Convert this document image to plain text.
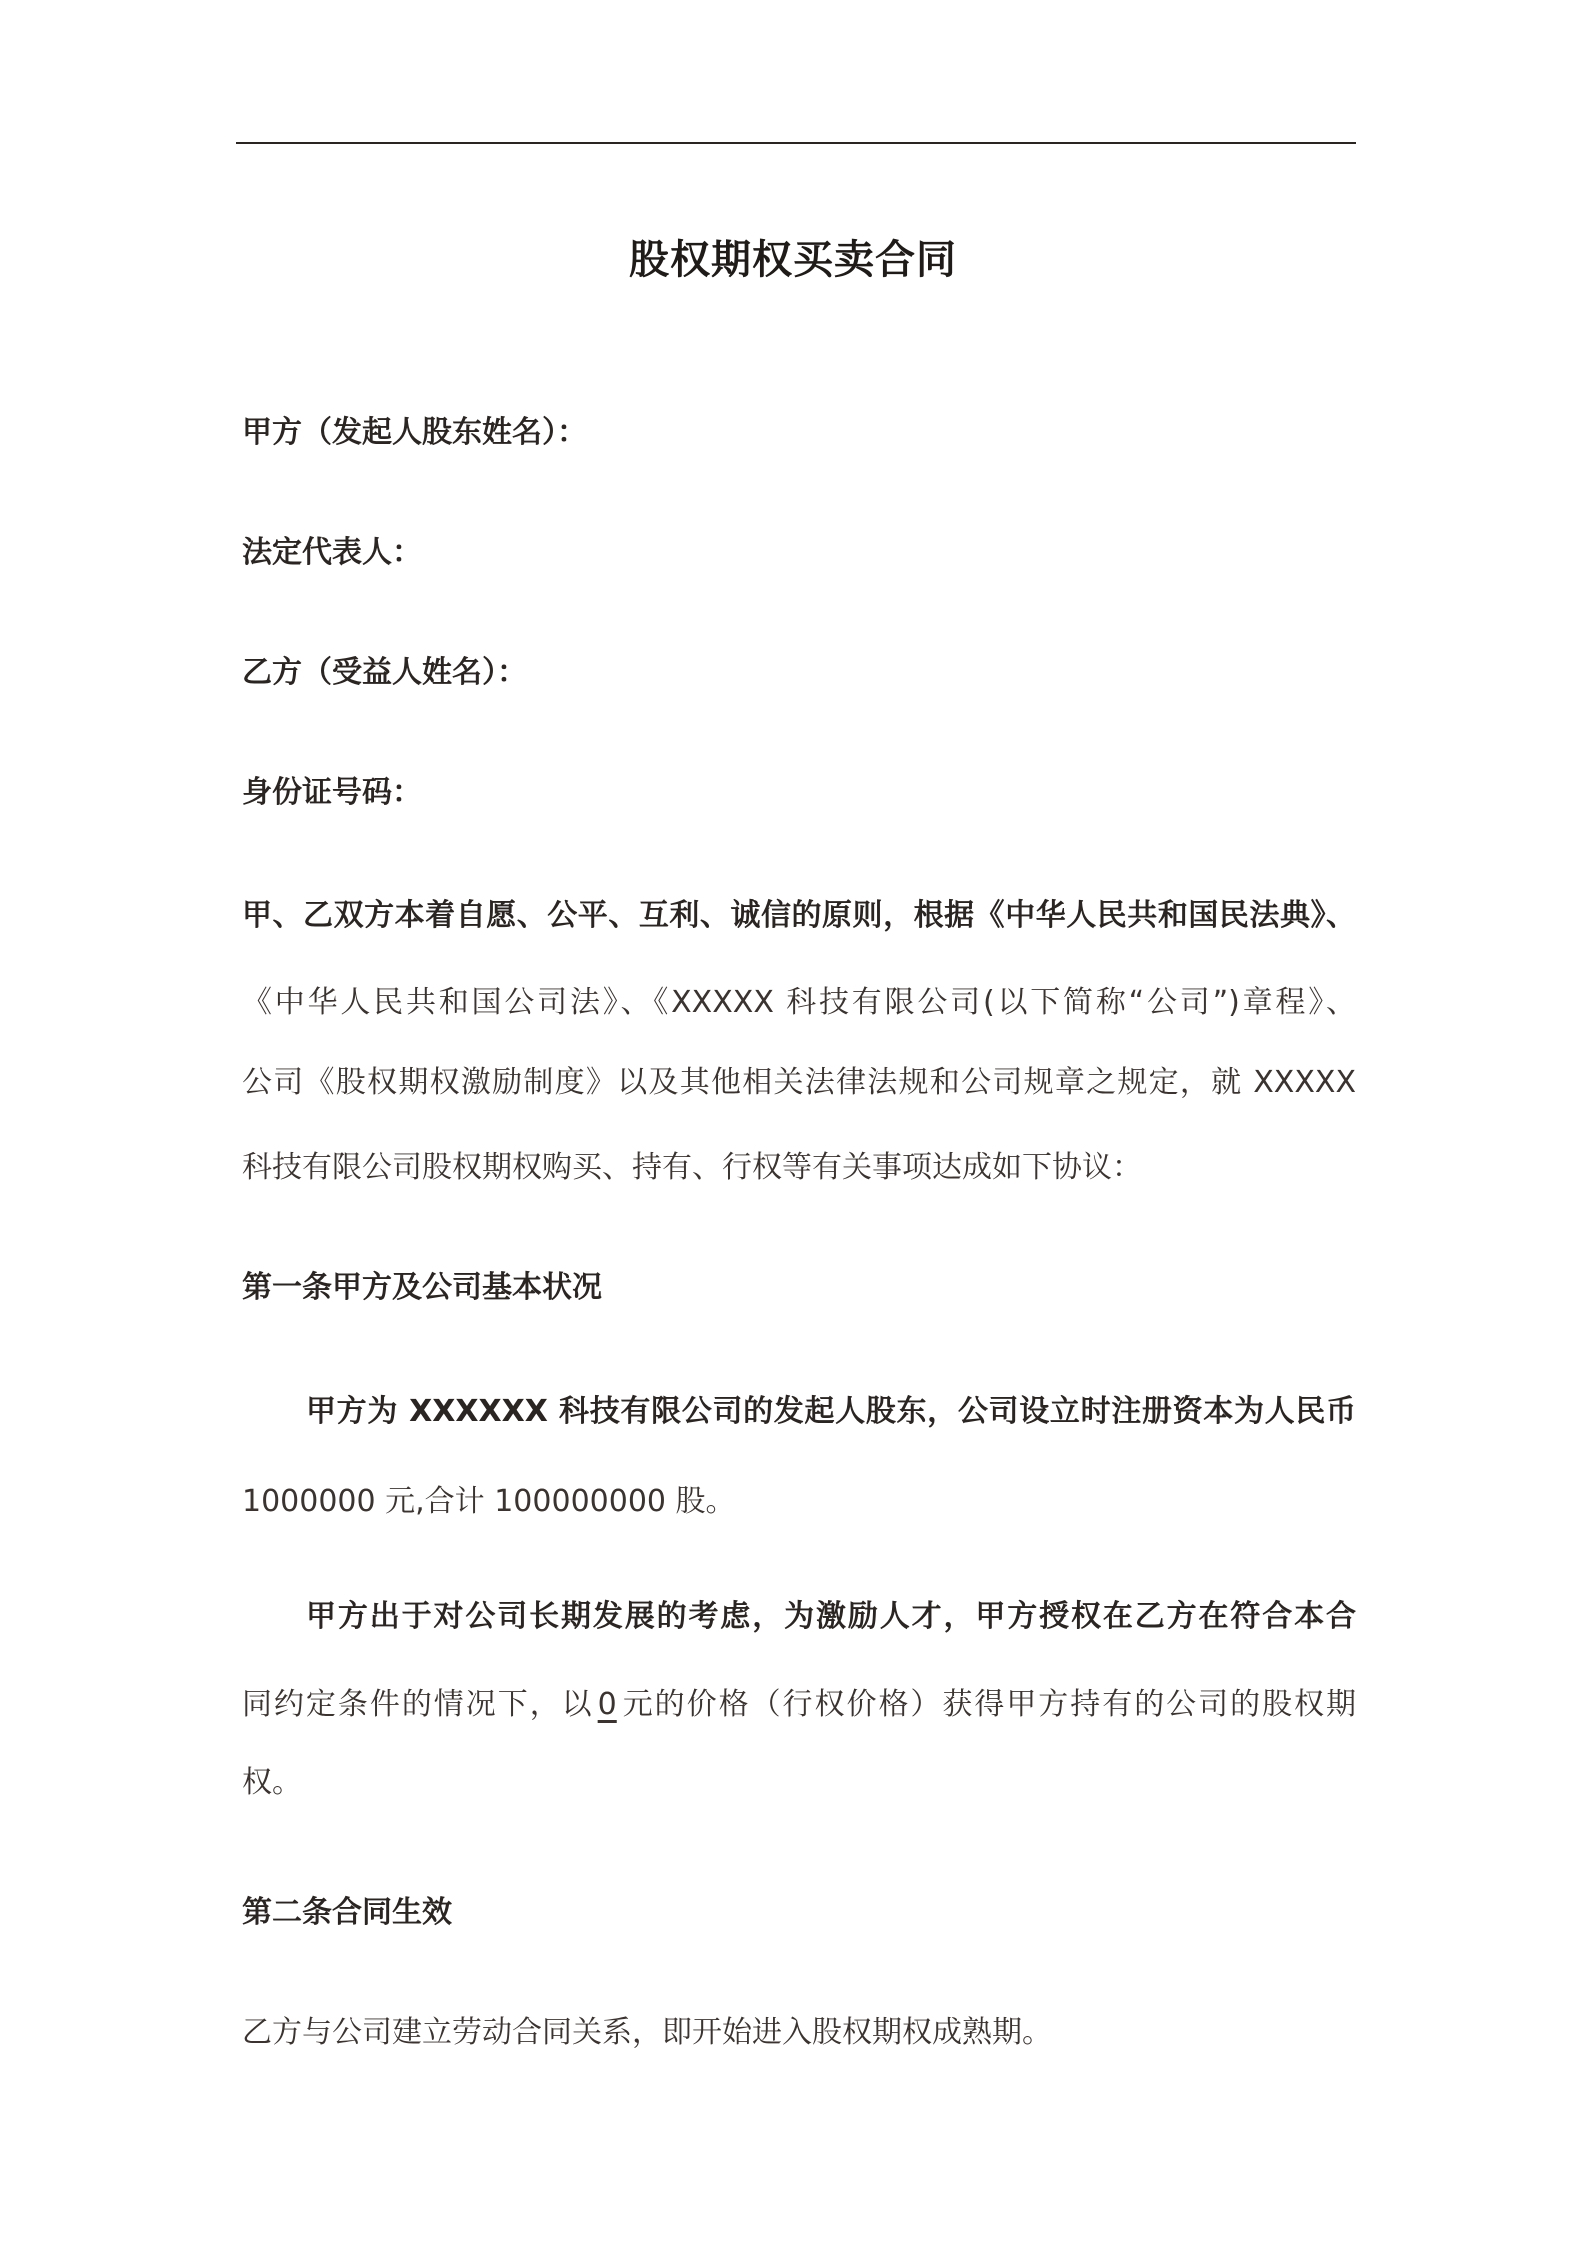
股权期权买卖合同
甲方（发起人股东姓名）：
法定代表人：
乙方（受益人姓名）：
身份证号码：
甲、乙双方本着自愿、公平、互利、诚信的原则，根据《中华人民共和国民法典》、
《中华人民共和国公司法》、《XXXXX 科技有限公司(以下简称“公司”)章程》、
公司《股权期权激励制度》以及其他相关法律法规和公司规章之规定，就 XXXXX
科技有限公司股权期权购买、持有、行权等有关事项达成如下协议：
第一条甲方及公司基本状况
甲方为 XXXXXX 科技有限公司的发起人股东，公司设立时注册资本为人民币
1000000 元,合计 100000000 股。
甲方出于对公司长期发展的考虑，为激励人才，甲方授权在乙方在符合本合
同约定条件的情况下，以 0 元的价格（行权价格）获得甲方持有的公司的股权期
权。
第二条合同生效
乙方与公司建立劳动合同关系，即开始进入股权期权成熟期。
